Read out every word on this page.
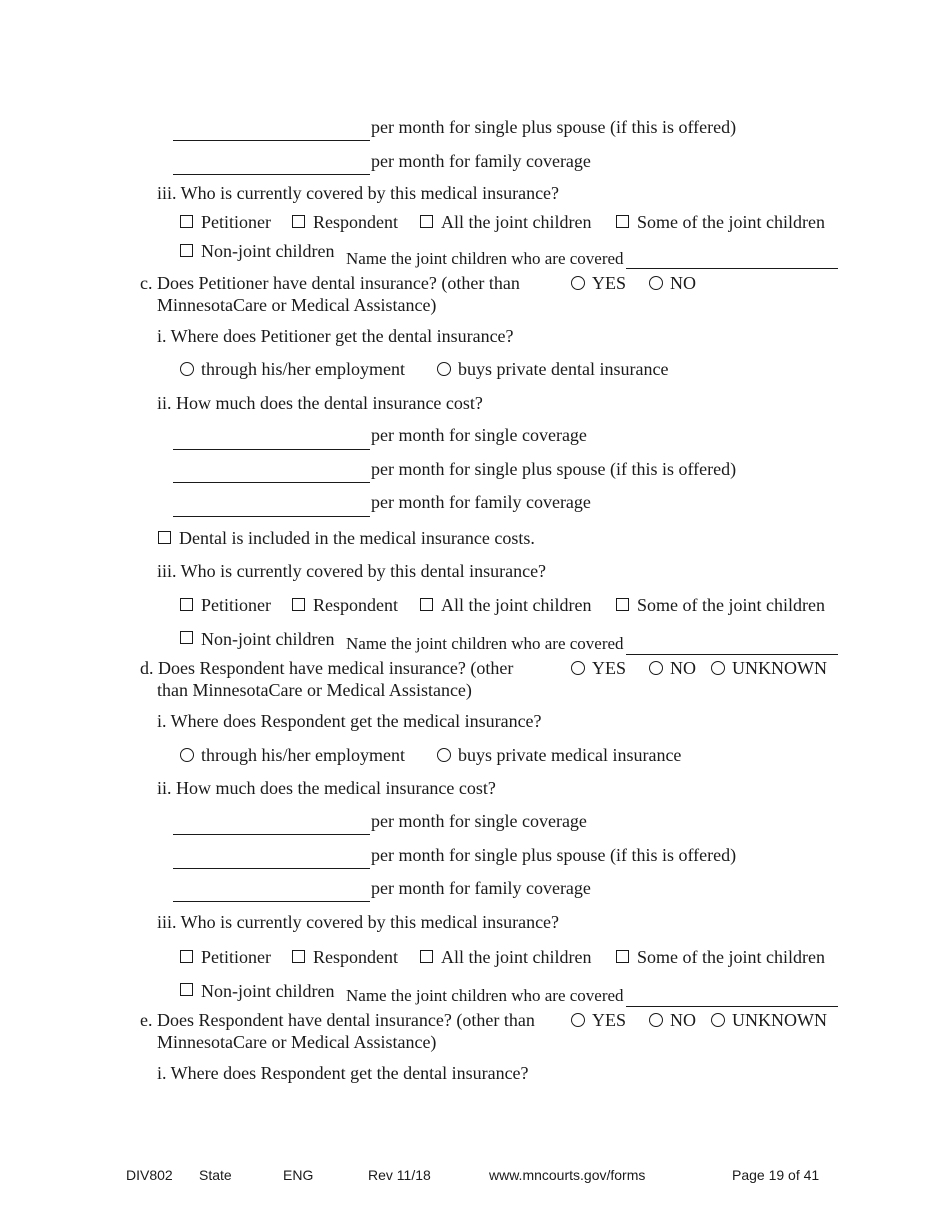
per month for single plus spouse (if this is offered)
per month for family coverage
iii. Who is currently covered by this medical insurance?
Petitioner Respondent All the joint children	Some of the joint children
Non-joint children Name the joint children who are covered
c. Does Petitioner have dental insurance? (other than
MinnesotaCare or Medical Assistance)
YES NO
i. Where does Petitioner get the dental insurance?
through his/her employment	buys private dental insurance
ii. How much does the dental insurance cost?
per month for single coverage
per month for single plus spouse (if this is offered)
per month for family coverage
Dental is included in the medical insurance costs.
iii. Who is currently covered by this dental insurance?
Petitioner Respondent All the joint children	Some of the joint children
Non-joint children Name the joint children who are covered
d. Does Respondent have medical insurance? (other
than MinnesotaCare or Medical Assistance)
YES NO UNKNOWN
i. Where does Respondent get the medical insurance?
through his/her employment	buys private medical insurance
ii. How much does the medical insurance cost?
per month for single coverage
per month for single plus spouse (if this is offered)
per month for family coverage
iii. Who is currently covered by this medical insurance?
Petitioner Respondent All the joint children	Some of the joint children
Non-joint children Name the joint children who are covered
e. Does Respondent have dental insurance? (other than
MinnesotaCare or Medical Assistance)
YES NO UNKNOWN
i. Where does Respondent get the dental insurance?
DIV802 State	ENG	Rev 11/18	www.mncourts.gov/forms	Page 19 of 41
